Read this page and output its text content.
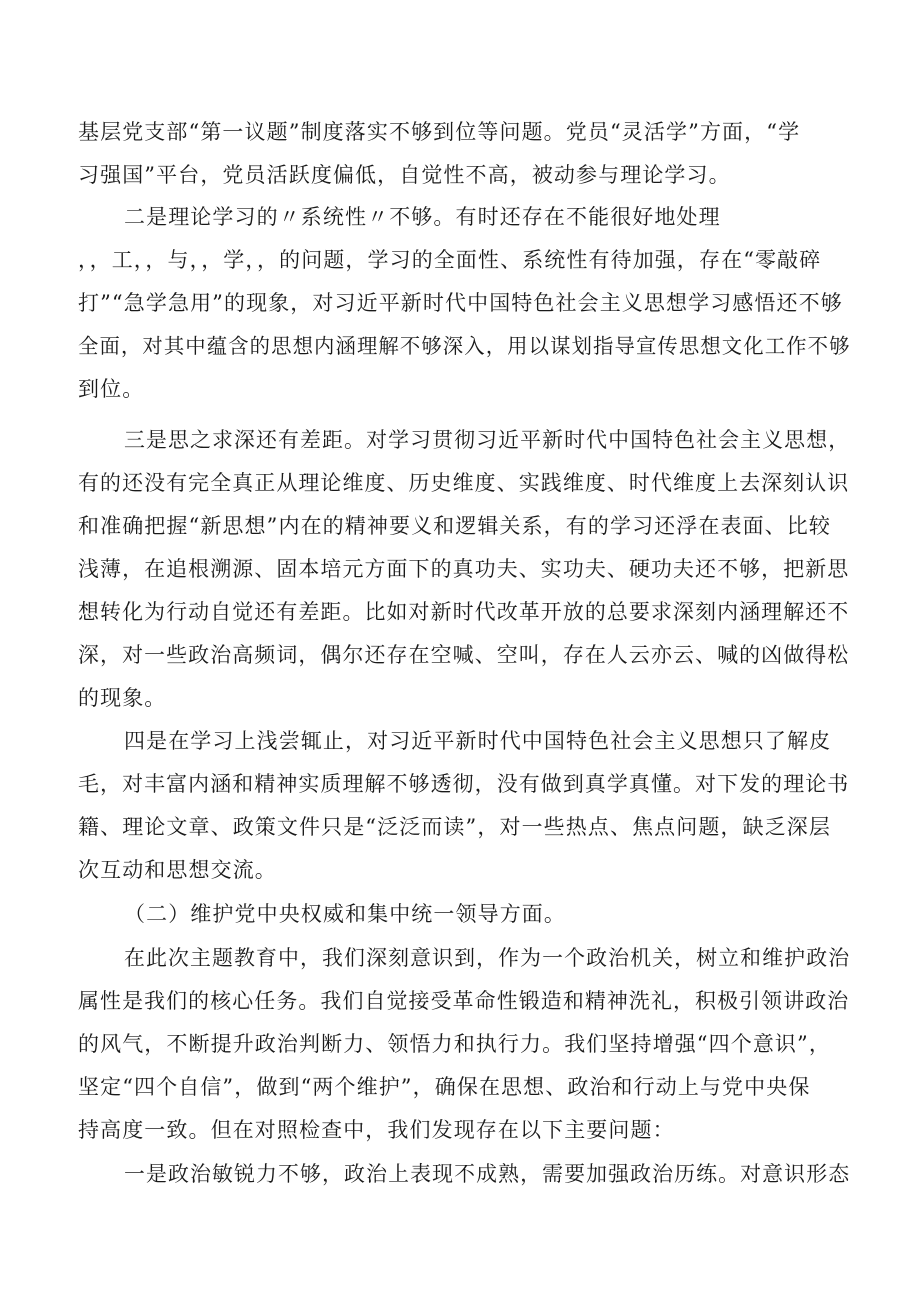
基层党支部“第一议题”制度落实不够到位等问题。党员“灵活学”方面，“学
习强国”平台，党员活跃度偏低，自觉性不高，被动参与理论学习。
二是理论学习的〃系统性〃不够。有时还存在不能很好地处理
，，工，，与，，学，，的问题，学习的全面性、系统性有待加强，存在“零敲碎
打”“急学急用”的现象，对习近平新时代中国特色社会主义思想学习感悟还不够
全面，对其中蕴含的思想内涵理解不够深入，用以谋划指导宣传思想文化工作不够
到位。
三是思之求深还有差距。对学习贯彻习近平新时代中国特色社会主义思想，
有的还没有完全真正从理论维度、历史维度、实践维度、时代维度上去深刻认识
和准确把握“新思想”内在的精神要义和逻辑关系，有的学习还浮在表面、比较
浅薄，在追根溯源、固本培元方面下的真功夫、实功夫、硬功夫还不够，把新思
想转化为行动自觉还有差距。比如对新时代改革开放的总要求深刻内涵理解还不
深，对一些政治高频词，偶尔还存在空喊、空叫，存在人云亦云、喊的凶做得松
的现象。
四是在学习上浅尝辄止，对习近平新时代中国特色社会主义思想只了解皮
毛，对丰富内涵和精神实质理解不够透彻，没有做到真学真懂。对下发的理论书
籍、理论文章、政策文件只是“泛泛而读”，对一些热点、焦点问题，缺乏深层
次互动和思想交流。
（二）维护党中央权威和集中统一领导方面。
在此次主题教育中，我们深刻意识到，作为一个政治机关，树立和维护政治
属性是我们的核心任务。我们自觉接受革命性锻造和精神洗礼，积极引领讲政治
的风气，不断提升政治判断力、领悟力和执行力。我们坚持增强“四个意识”，
坚定“四个自信”，做到“两个维护”，确保在思想、政治和行动上与党中央保
持高度一致。但在对照检查中，我们发现存在以下主要问题：
一是政治敏锐力不够，政治上表现不成熟，需要加强政治历练。对意识形态
